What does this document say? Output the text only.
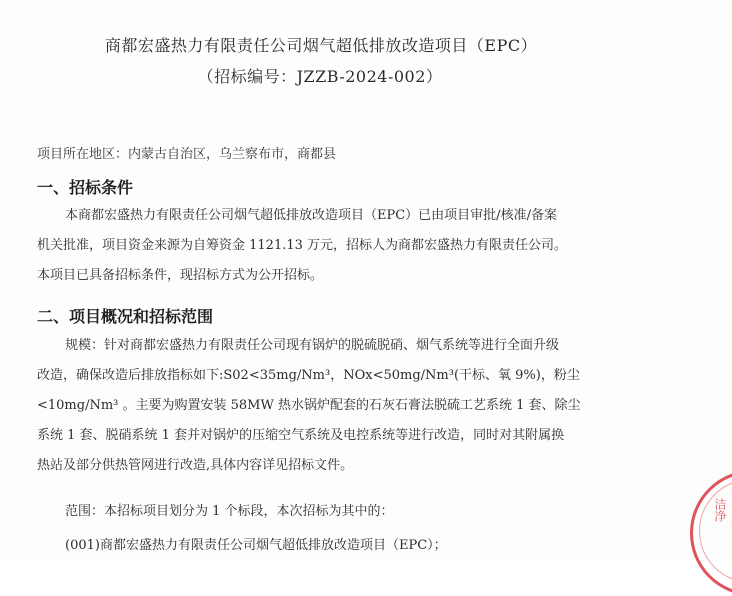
商都宏盛热力有限责任公司烟气超低排放改造项目（EPC）
（招标编号：JZZB-2024-002）
项目所在地区：内蒙古自治区，乌兰察布市，商都县
一、招标条件
本商都宏盛热力有限责任公司烟气超低排放改造项目（EPC）已由项目审批/核准/备案
机关批准，项目资金来源为自筹资金 1121.13 万元，招标人为商都宏盛热力有限责任公司。
本项目已具备招标条件，现招标方式为公开招标。
二、项目概况和招标范围
规模：针对商都宏盛热力有限责任公司现有锅炉的脱硫脱硝、烟气系统等进行全面升级
改造，确保改造后排放指标如下:S02<35mg/Nm³，NOx<50mg/Nm³(干标、氧 9%)，粉尘
<10mg/Nm³ 。主要为购置安装 58MW 热水锅炉配套的石灰石膏法脱硫工艺系统 1 套、除尘
系统 1 套、脱硝系统 1 套并对锅炉的压缩空气系统及电控系统等进行改造，同时对其附属换
热站及部分供热管网进行改造,具体内容详见招标文件。
范围：本招标项目划分为 1 个标段，本次招标为其中的：
(001)商都宏盛热力有限责任公司烟气超低排放改造项目（EPC）；
洁净
